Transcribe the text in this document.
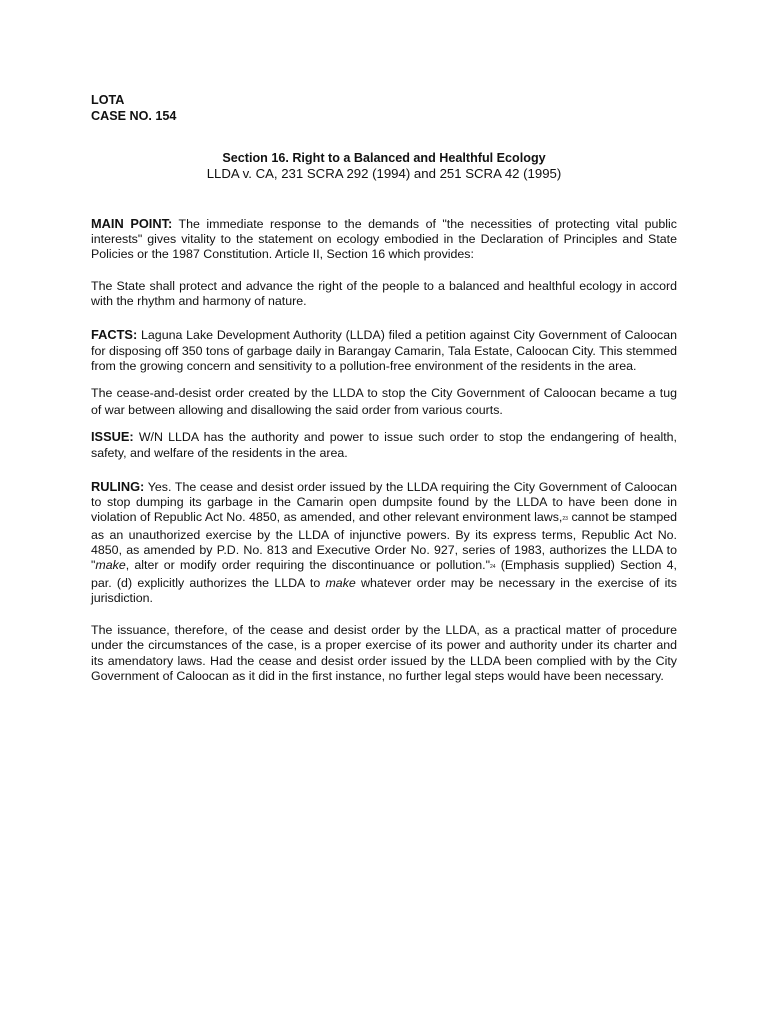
LOTA
CASE NO. 154
Section 16. Right to a Balanced and Healthful Ecology
LLDA v. CA, 231 SCRA 292 (1994) and 251 SCRA 42 (1995)

MAIN POINT: The immediate response to the demands of "the necessities of protecting vital public interests" gives vitality to the statement on ecology embodied in the Declaration of Principles and State Policies or the 1987 Constitution. Article II, Section 16 which provides:

The State shall protect and advance the right of the people to a balanced and healthful ecology in accord with the rhythm and harmony of nature.

FACTS: Laguna Lake Development Authority (LLDA) filed a petition against City Government of Caloocan for disposing off 350 tons of garbage daily in Barangay Camarin, Tala Estate, Caloocan City. This stemmed from the growing concern and sensitivity to a pollution-free environment of the residents in the area.

The cease-and-desist order created by the LLDA to stop the City Government of Caloocan became a tug of war between allowing and disallowing the said order from various courts.

ISSUE: W/N LLDA has the authority and power to issue such order to stop the endangering of health, safety, and welfare of the residents in the area.

RULING: Yes. The cease and desist order issued by the LLDA requiring the City Government of Caloocan to stop dumping its garbage in the Camarin open dumpsite found by the LLDA to have been done in violation of Republic Act No. 4850, as amended, and other relevant environment laws,$^{23}$ cannot be stamped as an unauthorized exercise by the LLDA of injunctive powers. By its express terms, Republic Act No. 4850, as amended by P.D. No. 813 and Executive Order No. 927, series of 1983, authorizes the LLDA to "make, alter or modify order requiring the discontinuance or pollution."$^{24}$ (Emphasis supplied) Section 4, par. (d) explicitly authorizes the LLDA to make whatever order may be necessary in the exercise of its jurisdiction.

The issuance, therefore, of the cease and desist order by the LLDA, as a practical matter of procedure under the circumstances of the case, is a proper exercise of its power and authority under its charter and its amendatory laws. Had the cease and desist order issued by the LLDA been complied with by the City Government of Caloocan as it did in the first instance, no further legal steps would have been necessary.
